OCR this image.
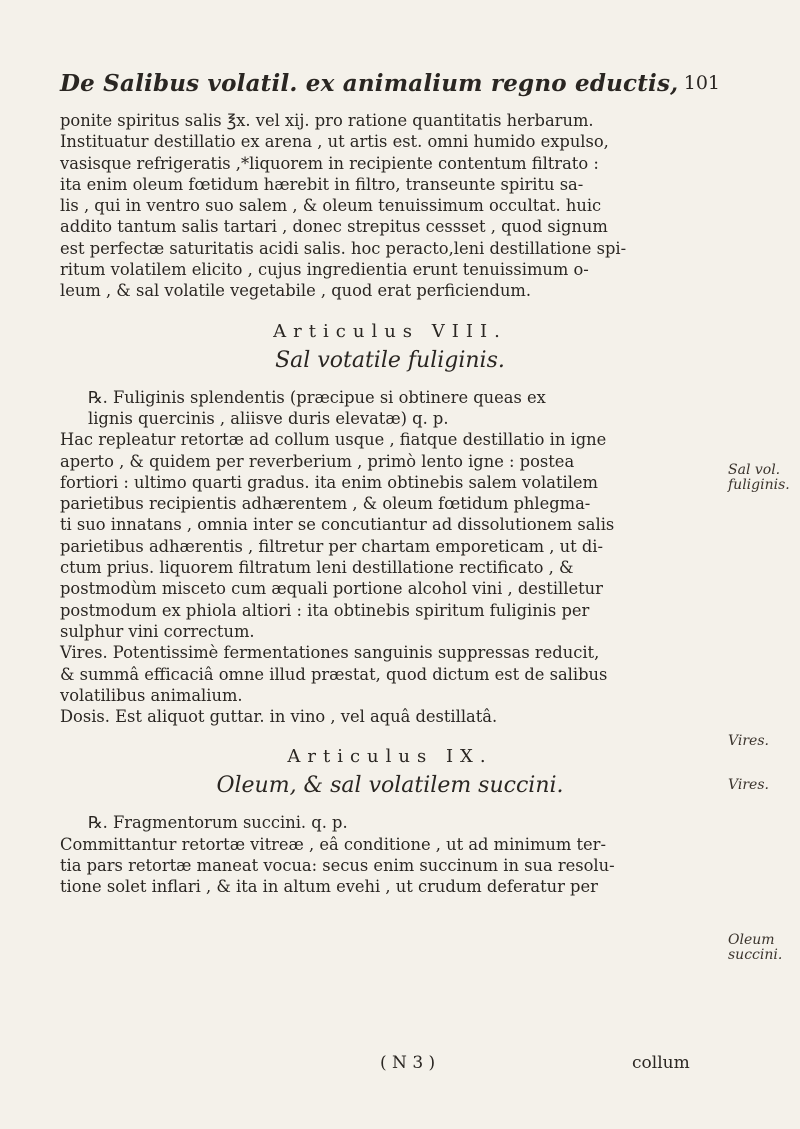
De Salibus volatil. ex animalium regno eductis, 101
ponite spiritus salis ℥x. vel xij. pro ratione quantitatis herbarum.
Instituatur destillatio ex arena , ut artis est. omni humido expulso,
vasisque refrigeratis ,*liquorem in recipiente contentum filtrato :
ita enim oleum fœtidum hærebit in filtro, transeunte spiritu sa-
lis , qui in ventro suo salem , & oleum tenuissimum occultat. huic
addito tantum salis tartari , donec strepitus cessset , quod signum
est perfectæ saturitatis acidi salis. hoc peracto,leni destillatione spi-
ritum volatilem elicito , cujus ingredientia erunt tenuissimum o-
leum , & sal volatile vegetabile , quod erat perficiendum.
Articulus VIII.
Sal votatile fuliginis.
℞. Fuliginis splendentis (præcipue si obtinere queas ex
lignis quercinis , aliisve duris elevatæ) q. p.
Hac repleatur retortæ ad collum usque , fiatque destillatio in igne
aperto , & quidem per reverberium , primò lento igne : postea
fortiori : ultimo quarti gradus. ita enim obtinebis salem volatilem
parietibus recipientis adhærentem , & oleum fœtidum phlegma-
ti suo innatans , omnia inter se concutiantur ad dissolutionem salis
parietibus adhærentis , filtretur per chartam emporeticam , ut di-
ctum prius. liquorem filtratum leni destillatione rectificato , &
postmodùm misceto cum æquali portione alcohol vini , destilletur
postmodum ex phiola altiori : ita obtinebis spiritum fuliginis per
sulphur vini correctum.
Vires. Potentissimè fermentationes sanguinis suppressas reducit,
& summâ efficaciâ omne illud præstat, quod dictum est de salibus
volatilibus animalium.
Dosis. Est aliquot guttar. in vino , vel aquâ destillatâ.
Articulus IX.
Oleum, & sal volatilem succini.
℞. Fragmentorum succini. q. p.
Committantur retortæ vitreæ , eâ conditione , ut ad minimum ter-
tia pars retortæ maneat vocua: secus enim succinum in sua resolu-
tione solet inflari , & ita in altum evehi , ut crudum deferatur per
Sal vol.
fuliginis.
Vires.
Vires.
Oleum
succini.
( N 3 )	collum
